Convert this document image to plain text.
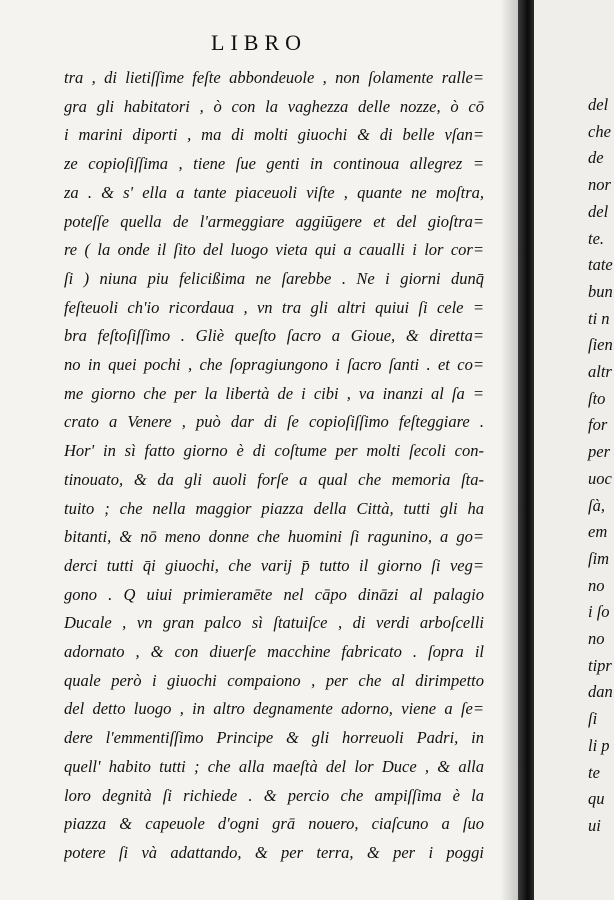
LIBRO
tra , di lietiſſime feſte abbondeuole , non ſolamente ralle=
gra gli habitatori , ò con la vaghezza delle nozze, ò cō
i marini diporti , ma di molti giuochi & di belle vſan=
ze copioſiſſima , tiene ſue genti in continoua allegrez =
za . & s' ella a tante piaceuoli viſte , quante ne moſtra,
poteſſe quella de l'armeggiare aggiūgere et del gioſtra=
re ( la onde il ſito del luogo vieta qui a caualli i lor cor=
ſi ) niuna piu felicißima ne ſarebbe . Ne i giorni dunq̄
feſteuoli ch'io ricordaua , vn tra gli altri quiui ſi cele =
bra feſtoſiſſimo . Gliè queſto ſacro a Gioue, & diretta=
no in quei pochi , che ſopragiungono i ſacro ſanti . et co=
me giorno che per la libertà de i cibi , va inanzi al ſa =
crato a Venere , può dar di ſe copioſiſſimo feſteggiare .
Hor' in sì fatto giorno è di coſtume per molti ſecoli con-
tinouato, & da gli auoli forſe a qual che memoria ſta-
tuito ; che nella maggior piazza della Città, tutti gli ha
bitanti, & nō meno donne che huomini ſi ragunino, a go=
derci tutti q̄i giuochi, che varij p̄ tutto il giorno ſi veg=
gono . Q uiui primieramēte nel cāpo dināzi al palagio
Ducale , vn gran palco sì ſtatuiſce , di verdi arboſcelli
adornato , & con diuerſe macchine fabricato . ſopra il
quale però i giuochi compaiono , per che al dirimpetto
del detto luogo , in altro degnamente adorno, viene a ſe=
dere l'emmentiſſimo Principe & gli horreuoli Padri, in
quell' habito tutti ; che alla maeſtà del lor Duce , & alla
loro degnità ſi richiede . & percio che ampiſſima è la
piazza & capeuole d'ogni grā nouero, ciaſcuno a ſuo
potere ſi và adattando, & per terra, & per i poggi
del
che
de
nor
del
te.
tate
bun
ti n
ſien
altr
ſto
for
per
uoc
ſà,
em
ſim
no
i ſo
no
tipr
dan
ſi
li p
te
qu
ui
